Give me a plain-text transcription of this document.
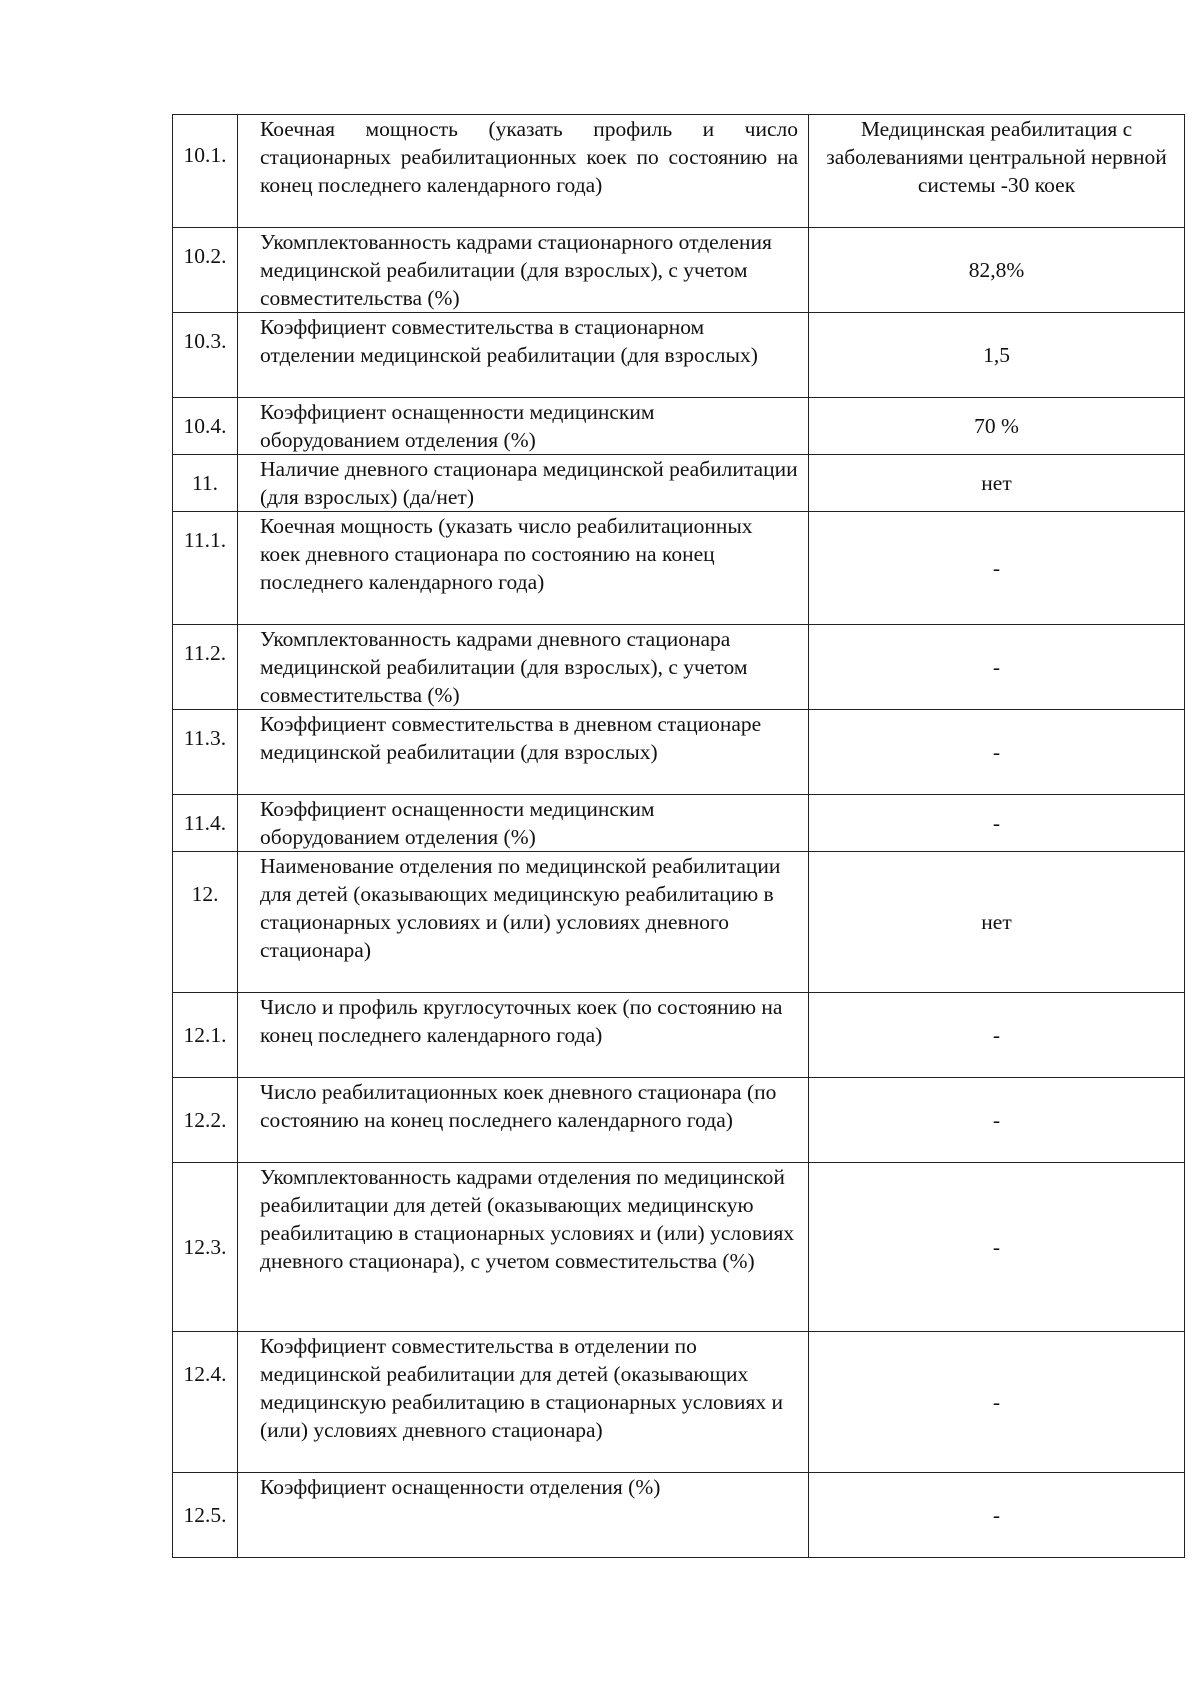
10.1.	Коечная мощность (указать профиль и число стационарных реабилитационных коек по состоянию на конец последнего календарного года)	Медицинская реабилитация с заболеваниями центральной нервной системы -30 коек

10.2.	Укомплектованность кадрами стационарного отделения медицинской реабилитации (для взрослых), с учетом совместительства (%)	82,8%

10.3.	Коэффициент совместительства в стационарном отделении медицинской реабилитации (для взрослых)	1,5

10.4.	Коэффициент оснащенности медицинским оборудованием отделения (%)	70 %

11.	Наличие дневного стационара медицинской реабилитации (для взрослых) (да/нет)	нет

11.1.	Коечная мощность (указать число реабилитационных коек дневного стационара по состоянию на конец последнего календарного года)	-

11.2.	Укомплектованность кадрами дневного стационара медицинской реабилитации (для взрослых), с учетом совместительства (%)	-

11.3.	Коэффициент совместительства в дневном стационаре медицинской реабилитации (для взрослых)	-

11.4.	Коэффициент оснащенности медицинским оборудованием отделения (%)	-

12.	Наименование отделения по медицинской реабилитации для детей (оказывающих медицинскую реабилитацию в стационарных условиях и (или) условиях дневного стационара)	нет

12.1.	Число и профиль круглосуточных коек (по состоянию на конец последнего календарного года)	-

12.2.	Число реабилитационных коек дневного стационара (по состоянию на конец последнего календарного года)	-

12.3.	Укомплектованность кадрами отделения по медицинской реабилитации для детей (оказывающих медицинскую реабилитацию в стационарных условиях и (или) условиях дневного стационара), с учетом совместительства (%)	-

12.4.	Коэффициент совместительства в отделении по медицинской реабилитации для детей (оказывающих медицинскую реабилитацию в стационарных условиях и (или) условиях дневного стационара)	-

12.5.	Коэффициент оснащенности отделения (%)	-
